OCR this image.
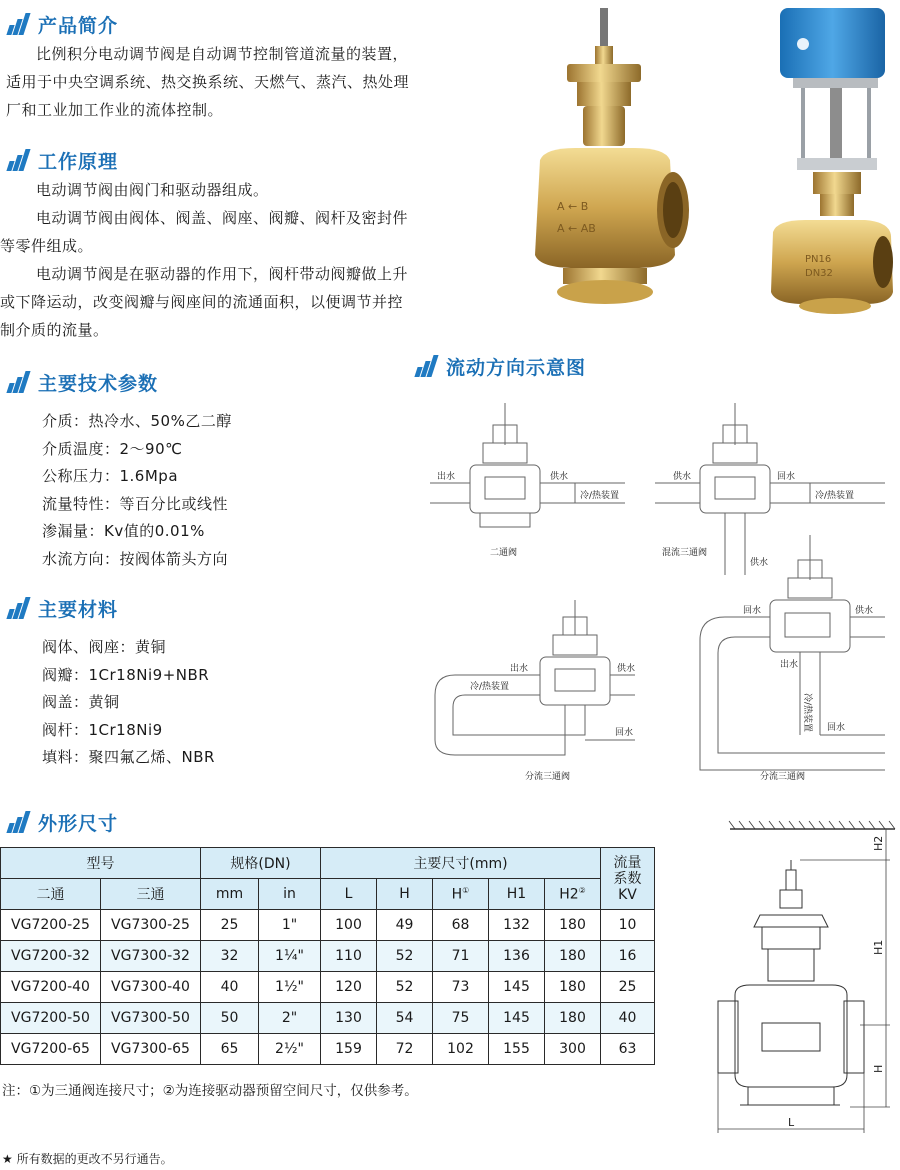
产品简介
比例积分电动调节阀是自动调节控制管道流量的装置，
适用于中央空调系统、热交换系统、天燃气、蒸汽、热处理
厂和工业加工作业的流体控制。
工作原理
电动调节阀由阀门和驱动器组成。
电动调节阀由阀体、阀盖、阀座、阀瓣、阀杆及密封件
等零件组成。
电动调节阀是在驱动器的作用下，阀杆带动阀瓣做上升
或下降运动，改变阀瓣与阀座间的流通面积，以便调节并控
制介质的流量。
主要技术参数
介质：热冷水、50%乙二醇
介质温度：2～90℃
公称压力：1.6Mpa
流量特性：等百分比或线性
渗漏量：Kv值的0.01%
水流方向：按阀体箭头方向
主要材料
阀体、阀座：黄铜
阀瓣：1Cr18Ni9+NBR
阀盖：黄铜
阀杆：1Cr18Ni9
填料：聚四氟乙烯、NBR
A ← B
A ← AB
PN16
DN32
流动方向示意图
出水	供水
冷/热装置
二通阀
供水	回水
冷/热装置
混流三通阀
供水
出水
冷/热装置
供水
回水
分流三通阀
回水	供水
出水
回水
分流三通阀
冷/热装置
外形尺寸
型号		规格(DN)		主要尺寸(mm)					流量系数KV
二通	三通	mm	in	L	H	H①	H1	H2②
VG7200-25	VG7300-25	25	1"	100	49	68	132	180	10
VG7200-32	VG7300-32	32	1¼"	110	52	71	136	180	16
VG7200-40	VG7300-40	40	1½"	120	52	73	145	180	25
VG7200-50	VG7300-50	50	2"	130	54	75	145	180	40
VG7200-65	VG7300-65	65	2½"	159	72	102	155	300	63
H2
H1
H
L
注：①为三通阀连接尺寸；②为连接驱动器预留空间尺寸，仅供参考。
★ 所有数据的更改不另行通告。
